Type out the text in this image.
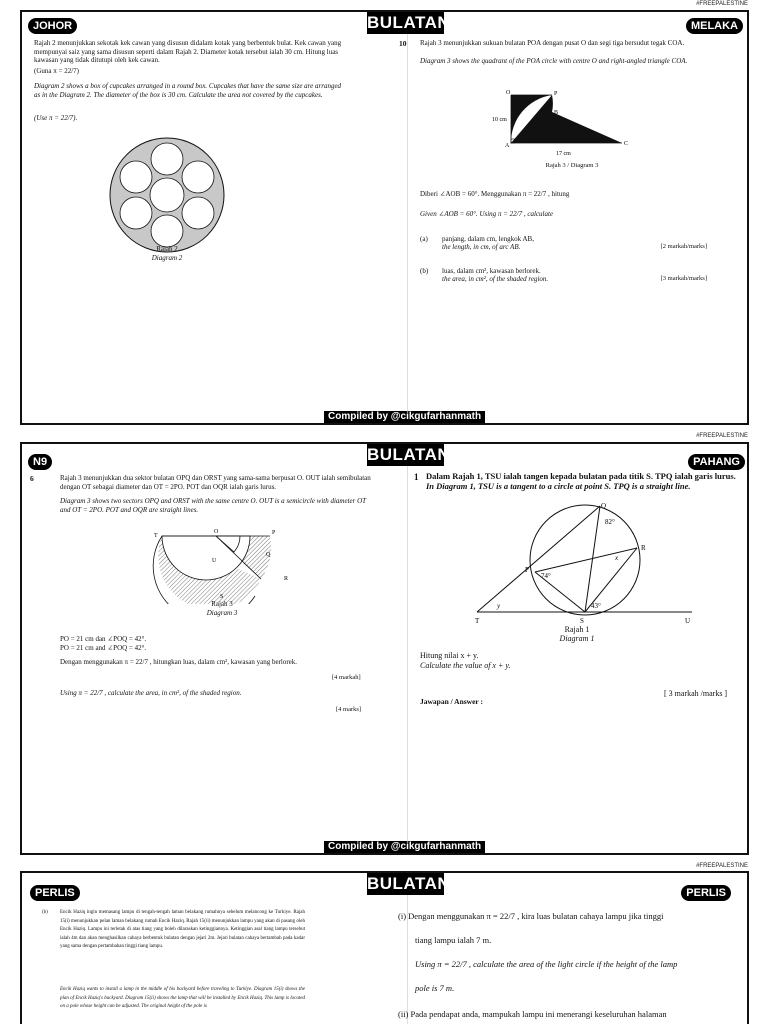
#FREEPALESTINE
BULATAN
JOHOR	MELAKA
Rajah 2 menunjukkan sekotak kek cawan yang disusun didalam kotak yang berbentuk bulat. Kek cawan yang mempunyai saiz yang sama disusun seperti dalam Rajah 2. Diameter kotak tersebut ialah 30 cm. Hitung luas kawasan yang tidak ditutupi oleh kek cawan.
(Guna π = 22/7)
Diagram 2 shows a box of cupcakes arranged in a round box. Cupcakes that have the same size are arranged as in the Diagram 2. The diameter of the box is 30 cm. Calculate the area not covered by the cupcakes.
(Use π = 22/7).
Rajah 2
Diagram 2
10 Rajah 3 menunjukkan sukuan bulatan POA dengan pusat O dan segi tiga bersudut tegak COA.
Diagram 3 shows the quadrant of the POA circle with centre O and right-angled triangle COA.
O	P
B
A	C
10 cm
17 cm
Rajah 3 / Diagram 3
Diberi ∠AOB = 60°. Menggunakan π = 22/7 , hitung
Given ∠AOB = 60°. Using π = 22/7 , calculate
(a) panjang, dalam cm, lengkok AB,
the length, in cm, of arc AB.	[2 markah/marks]
(b) luas, dalam cm², kawasan berlorek.
the area, in cm², of the shaded region.	[3 markah/marks]
Compiled by @cikgufarhanmath
#FREEPALESTINE
BULATAN
N9	PAHANG
6	Rajah 3 menunjukkan dua sektor bulatan OPQ dan ORST yang sama-sama berpusat O. OUT ialah semibulatan dengan OT sebagai diameter dan OT = 2PO. POT dan OQR ialah garis lurus.
Diagram 3 shows two sectors OPQ and ORST with the same centre O. OUT is a semicircle with diameter OT and OT = 2PO. POT and OQR are straight lines.
T
O	P
U
Q
R
S
Rajah 3
Diagram 3
PO = 21 cm dan ∠POQ = 42°.
PO = 21 cm and ∠POQ = 42°.
Dengan menggunakan π = 22/7 , hitungkan luas, dalam cm², kawasan yang berlorek.
[4 markah]
Using π = 22/7 , calculate the area, in cm², of the shaded region.
[4 marks]
1 Dalam Rajah 1, TSU ialah tangen kepada bulatan pada titik S. TPQ ialah garis lurus.
In Diagram 1, TSU is a tangent to a circle at point S. TPQ is a straight line.
Q
R
P
T	S	U
82°
74°
43°
x
y
Rajah 1
Diagram 1
Hitung nilai x + y.
Calculate the value of x + y.
[ 3 markah /marks ]
Jawapan / Answer :
Compiled by @cikgufarhanmath
#FREEPALESTINE
BULATAN
PERLIS	PERLIS
(b) Encik Haziq ingin memasang lampu di tengah-tengah laman belakang rumahnya sebelum melancong ke Turkiye. Rajah 15(i) menunjukkan pelan laman belakang rumah Encik Haziq. Rajah 15(ii) menunjukkan lampu yang akan di pasang oleh Encik Haziq. Lampu ini terletak di atas tiang yang boleh dilaraskan ketinggiannya. Ketinggian asal tiang lampu tersebut ialah 4m dan akan menghasilkan cahaya berbentuk bulatan dengan jejari 2m. Jejari bulatan cahaya bertambah pada kadar yang sama dengan pertambahan tinggi tiang lampu.
Encik Haziq wants to install a lamp in the middle of his backyard before traveling to Turkiye. Diagram 15(i) shows the plan of Encik Haziq's backyard. Diagram 15(ii) shows the lamp that will be installed by Encik Haziq. This lamp is located on a pole whose height can be adjusted. The original height of the pole is
(i) Dengan menggunakan π = 22/7 , kira luas bulatan cahaya lampu jika tinggi
tiang lampu ialah 7 m.
Using π = 22/7 , calculate the area of the light circle if the height of the lamp
pole is 7 m.
(ii) Pada pendapat anda, mampukah lampu ini menerangi keseluruhan halaman
